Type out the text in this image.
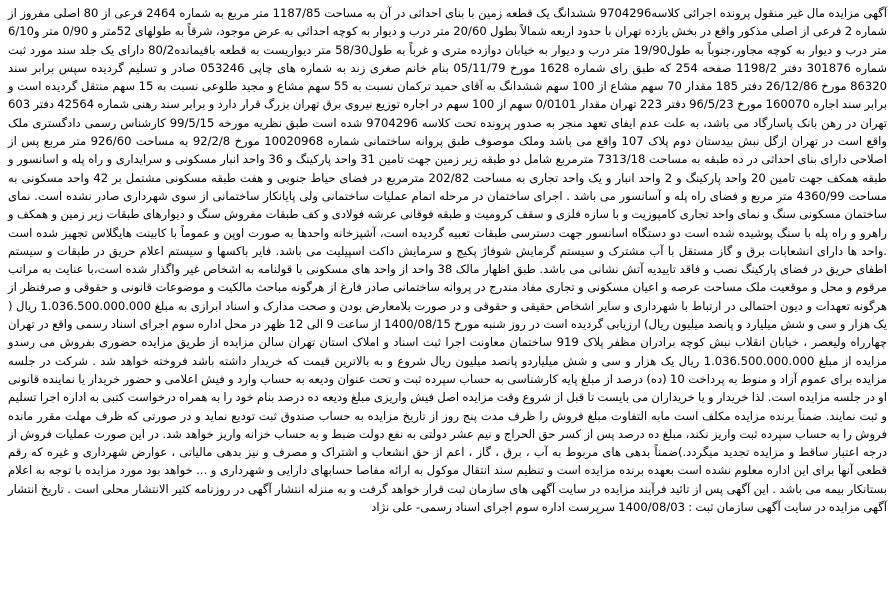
آگهی مزایده مال غیر منقول پرونده اجرائی کلاسه9704296 ششدانگ یک قطعه زمین با بنای احداثی در آن به مساحت 1187/85 متر مربع به شماره 2464 فرعی از 80 اصلی مفروز از شماره 2 فرعی از اصلی مذکور واقع در بخش یازده تهران با حدود اربعه شمالاً بطول 20/60 متر درب و دیوار به کوچه احداثی به عرض موجود، شرقاً به طولهای 52متر و 0/90 متر و6/10 متر درب و دیوار به کوچه مجاور،جنوباً به طول19/90 متر درب و دیوار به خیابان دوازده متری و غرباً به طول58/30 متر دیواریست به قطعه باقیمانده80/2 دارای یک جلد سند مورد ثبت شماره 301876 دفتر 1198/2 صفحه 254 که طبق رای شماره 1628 مورخ 05/11/79 بنام خانم صغری زند به شماره های چاپی 053246 صادر و تسلیم گردیده سپس برابر سند 86320 مورخ 26/12/86 دفتر 185 مقدار 70 سهم مشاع از 100 سهم ششدانگ به آقای حمید ترکمان نسبت به 55 سهم مشاع و مجید طلوعی نسبت به 15 سهم منتقل گردیده است و برابر سند اجاره 160070 مورخ 96/5/23 دفتر 223 تهران مقدار 0/0101 سهم از 100 سهم در اجاره توزیع نیروی برق تهران بزرگ قرار دارد و برابر سند رهنی شماره 42564 دفتر 603 تهران در رهن بانک پاسارگاد می باشد، به علت عدم ایفای تعهد منجر به صدور پرونده تحت کلاسه 9704296 شده است طبق نظریه مورخه 99/5/15 کارشناس رسمی دادگستری ملک واقع است در تهران ازگل نبش بیدستان دوم پلاک 107 واقع می باشد وملک موصوف طبق پروانه ساختمانی شماره 10020968 مورخ 92/2/8 به مساحت 926/60 متر مربع پس از اصلاحی دارای بنای احداثی در ده طبقه به مساحت 7313/18 مترمربع شامل دو طبقه زیر زمین جهت تامین 31 واحد پارکینگ و 36 واحد انبار مسکونی و سرایداری و راه پله و اسانسور و طبقه همکف جهت تامین 20 واحد پارکینگ و 2 واحد انبار و یک واحد تجاری به مساحت 202/82 مترمربع در فضای حیاط جنوبی و هفت طبقه مسکونی مشتمل بر 42 واحد مسکونی به مساحت 4360/99 متر مربع و فضای راه پله و آسانسور می باشد . اجرای ساختمان در مرحله اتمام عملیات ساختمانی ولی پایانکار ساختمانی از سوی شهرداری صادر نشده است. نمای ساختمان مسکونی سنگ و نمای واحد تجاری کامپوزیت و با سازه فلزی و سقف کرومیت و طبقه فوقانی عرشه فولادی و کف طبقات مفروش سنگ و دیوارهای طبقات زیر زمین و همکف و راهرو و راه پله با سنگ پوشیده شده است دو دستگاه اسانسور جهت دسترسی طبقات تعبیه گردیده است، آشپزخانه واحدها به صورت اوپن و عموماً با کابینت هایگلاس تجهیز شده است .واحد ها دارای انشعابات برق و گاز مستقل با آب مشترک و سیستم گرمایش شوفاژ پکیج و سرمایش داکت اسپیلیت می باشد. فایر باکسها و سیستم اعلام حریق در طبقات و سیستم اطفای حریق در فضای پارکینگ نصب و فاقد تاییدیه آتش نشانی می باشد. طبق اظهار مالک 38 واحد از واحد های مسکونی با قولنامه به اشخاص غیر واگذار شده است،با عنایت به مراتب مرقوم و محل و موقعیت ملک مساحت عرصه و اعیان مسکونی و تجاری مفاد مندرج در پروانه ساختمانی صادر فارغ از هرگونه مباحث مالکیت و موضوعات قانونی و حقوقی و صرفنظر از هرگونه تعهدات و دیون احتمالی در ارتباط با شهرداری و سایر اشخاص حقیقی و حقوقی و در صورت بلامعارض بودن و صحت مدارک و اسناد ابرازی به مبلغ 1.036.500.000.000 ریال ( یک هزار و سی و شش میلیارد و پانصد میلیون ریال) ارزیابی گردیده است در روز شنبه مورخ 1400/08/15 از ساعت 9 الی 12 ظهر در محل اداره سوم اجرای اسناد رسمی واقع در تهران چهارراه ولیعصر ، خیابان انقلاب نبش کوچه برادران مظفر پلاک 919 ساختمان معاونت اجرا ثبت اسناد و املاک استان تهران سالن مزایده از طریق مزایده حضوری بفروش می رسدو مزایده از مبلغ 1.036.500.000.000 ریال یک هزار و سی و شش میلیاردو پانصد میلیون ریال شروع و به بالاترین قیمت که خریدار داشته باشد فروخته خواهد شد . شرکت در جلسه مزایده برای عموم آزاد و منوط به پرداخت 10 (ده) درصد از مبلغ پایه کارشناسی به حساب سپرده ثبت و تحت عنوان ودیعه به حساب وارد و فیش اعلامی و حضور خریدار یا نماینده قانونی او در جلسه مزایده است. لذا خریدار و یا خریداران می بایست تا قبل از شروع وقت مزایده اصل فیش واریزی مبلغ ودیعه ده درصد بنام خود را به همراه درخواست کتبی به اداره اجرا تسلیم و ثبت نمایند. ضمناً برنده مزایده مکلف است مابه التفاوت مبلغ فروش را ظرف مدت پنج روز از تاریخ مزایده به حساب صندوق ثبت تودیع نماید و در صورتی که ظرف مهلت مقرر مانده فروش را به حساب سپرده ثبت واریز نکند، مبلغ ده درصد پس از کسر حق الحراج و نیم عشر دولتی به نفع دولت ضبط و به حساب خزانه واریز خواهد شد. در این صورت عملیات فروش از درجه اعتبار ساقط و مزایده تجدید میگردد.)ضمناً بدهی های مربوط به آب ، برق ، گاز ، اعم از حق انشعاب و اشتراک و مصرف و نیز بدهی مالیاتی ، عوارض شهرداری و غیره که رقم قطعی آنها برای این اداره معلوم نشده است بعهده برنده مزایده است و تنظیم سند انتقال موکول به ارائه مفاصا حسابهای دارایی و شهرداری و ... خواهد بود مورد مزایده با توجه به اعلام بستانکار بیمه می باشد . این آگهی پس از تائید فرآیند مزایده در سایت آگهی های سازمان ثبت قرار خواهد گرفت و به منزله انتشار آگهی در روزنامه کثیر الانتشار محلی است . تاریخ انتشار آگهی مزایده در سایت آگهی سازمان ثبت : 1400/08/03 سرپرست اداره سوم اجرای اسناد رسمی- علی نژاد
